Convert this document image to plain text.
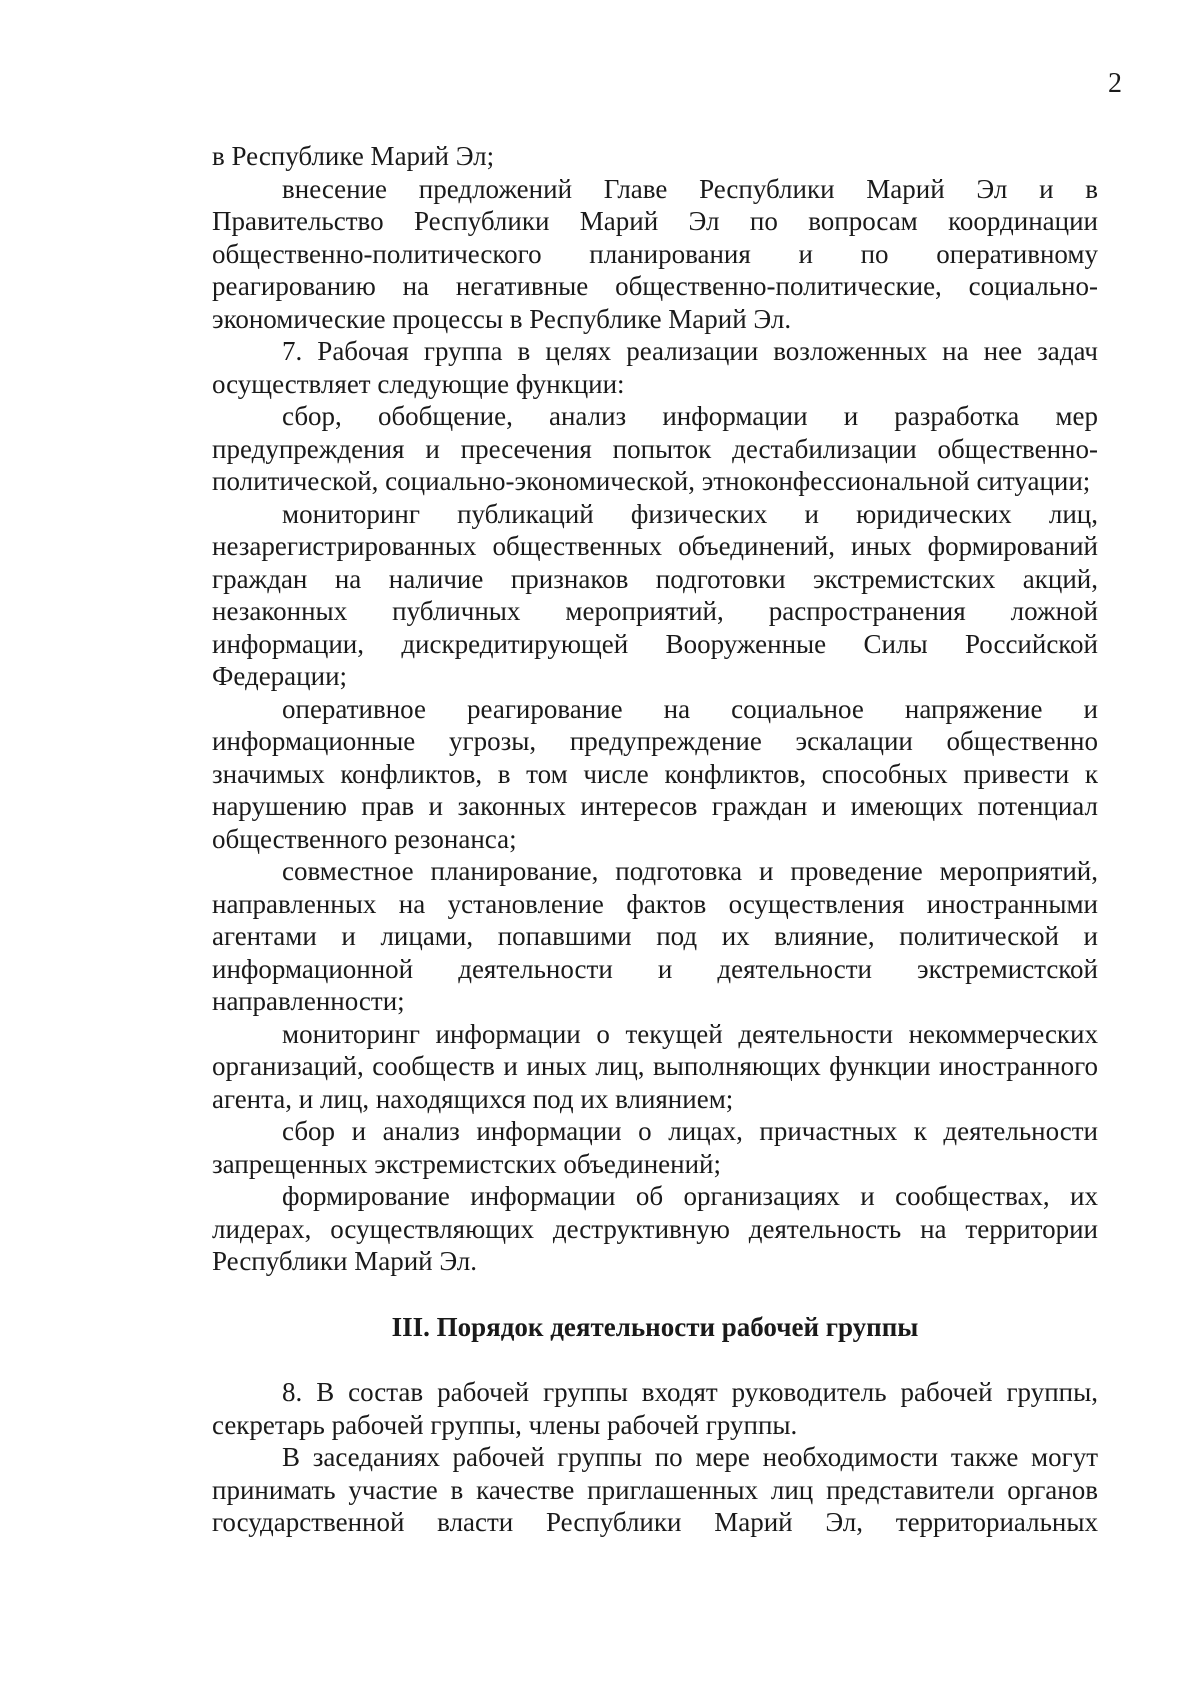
2

в Республике Марий Эл;

внесение предложений Главе Республики Марий Эл и в Правительство Республики Марий Эл по вопросам координации общественно-политического планирования и по оперативному реагированию на негативные общественно-политические, социально-экономические процессы в Республике Марий Эл.

7. Рабочая группа в целях реализации возложенных на нее задач осуществляет следующие функции:

сбор, обобщение, анализ информации и разработка мер предупреждения и пресечения попыток дестабилизации общественно-политической, социально-экономической, этноконфессиональной ситуации;

мониторинг публикаций физических и юридических лиц, незарегистрированных общественных объединений, иных формирований граждан на наличие признаков подготовки экстремистских акций, незаконных публичных мероприятий, распространения ложной информации, дискредитирующей Вооруженные Силы Российской Федерации;

оперативное реагирование на социальное напряжение и информационные угрозы, предупреждение эскалации общественно значимых конфликтов, в том числе конфликтов, способных привести к нарушению прав и законных интересов граждан и имеющих потенциал общественного резонанса;

совместное планирование, подготовка и проведение мероприятий, направленных на установление фактов осуществления иностранными агентами и лицами, попавшими под их влияние, политической и информационной деятельности и деятельности экстремистской направленности;

мониторинг информации о текущей деятельности некоммерческих организаций, сообществ и иных лиц, выполняющих функции иностранного агента, и лиц, находящихся под их влиянием;

сбор и анализ информации о лицах, причастных к деятельности запрещенных экстремистских объединений;

формирование информации об организациях и сообществах, их лидерах, осуществляющих деструктивную деятельность на территории Республики Марий Эл.

III. Порядок деятельности рабочей группы

8. В состав рабочей группы входят руководитель рабочей группы, секретарь рабочей группы, члены рабочей группы.

В заседаниях рабочей группы по мере необходимости также могут принимать участие в качестве приглашенных лиц представители органов государственной власти Республики Марий Эл, территориальных
